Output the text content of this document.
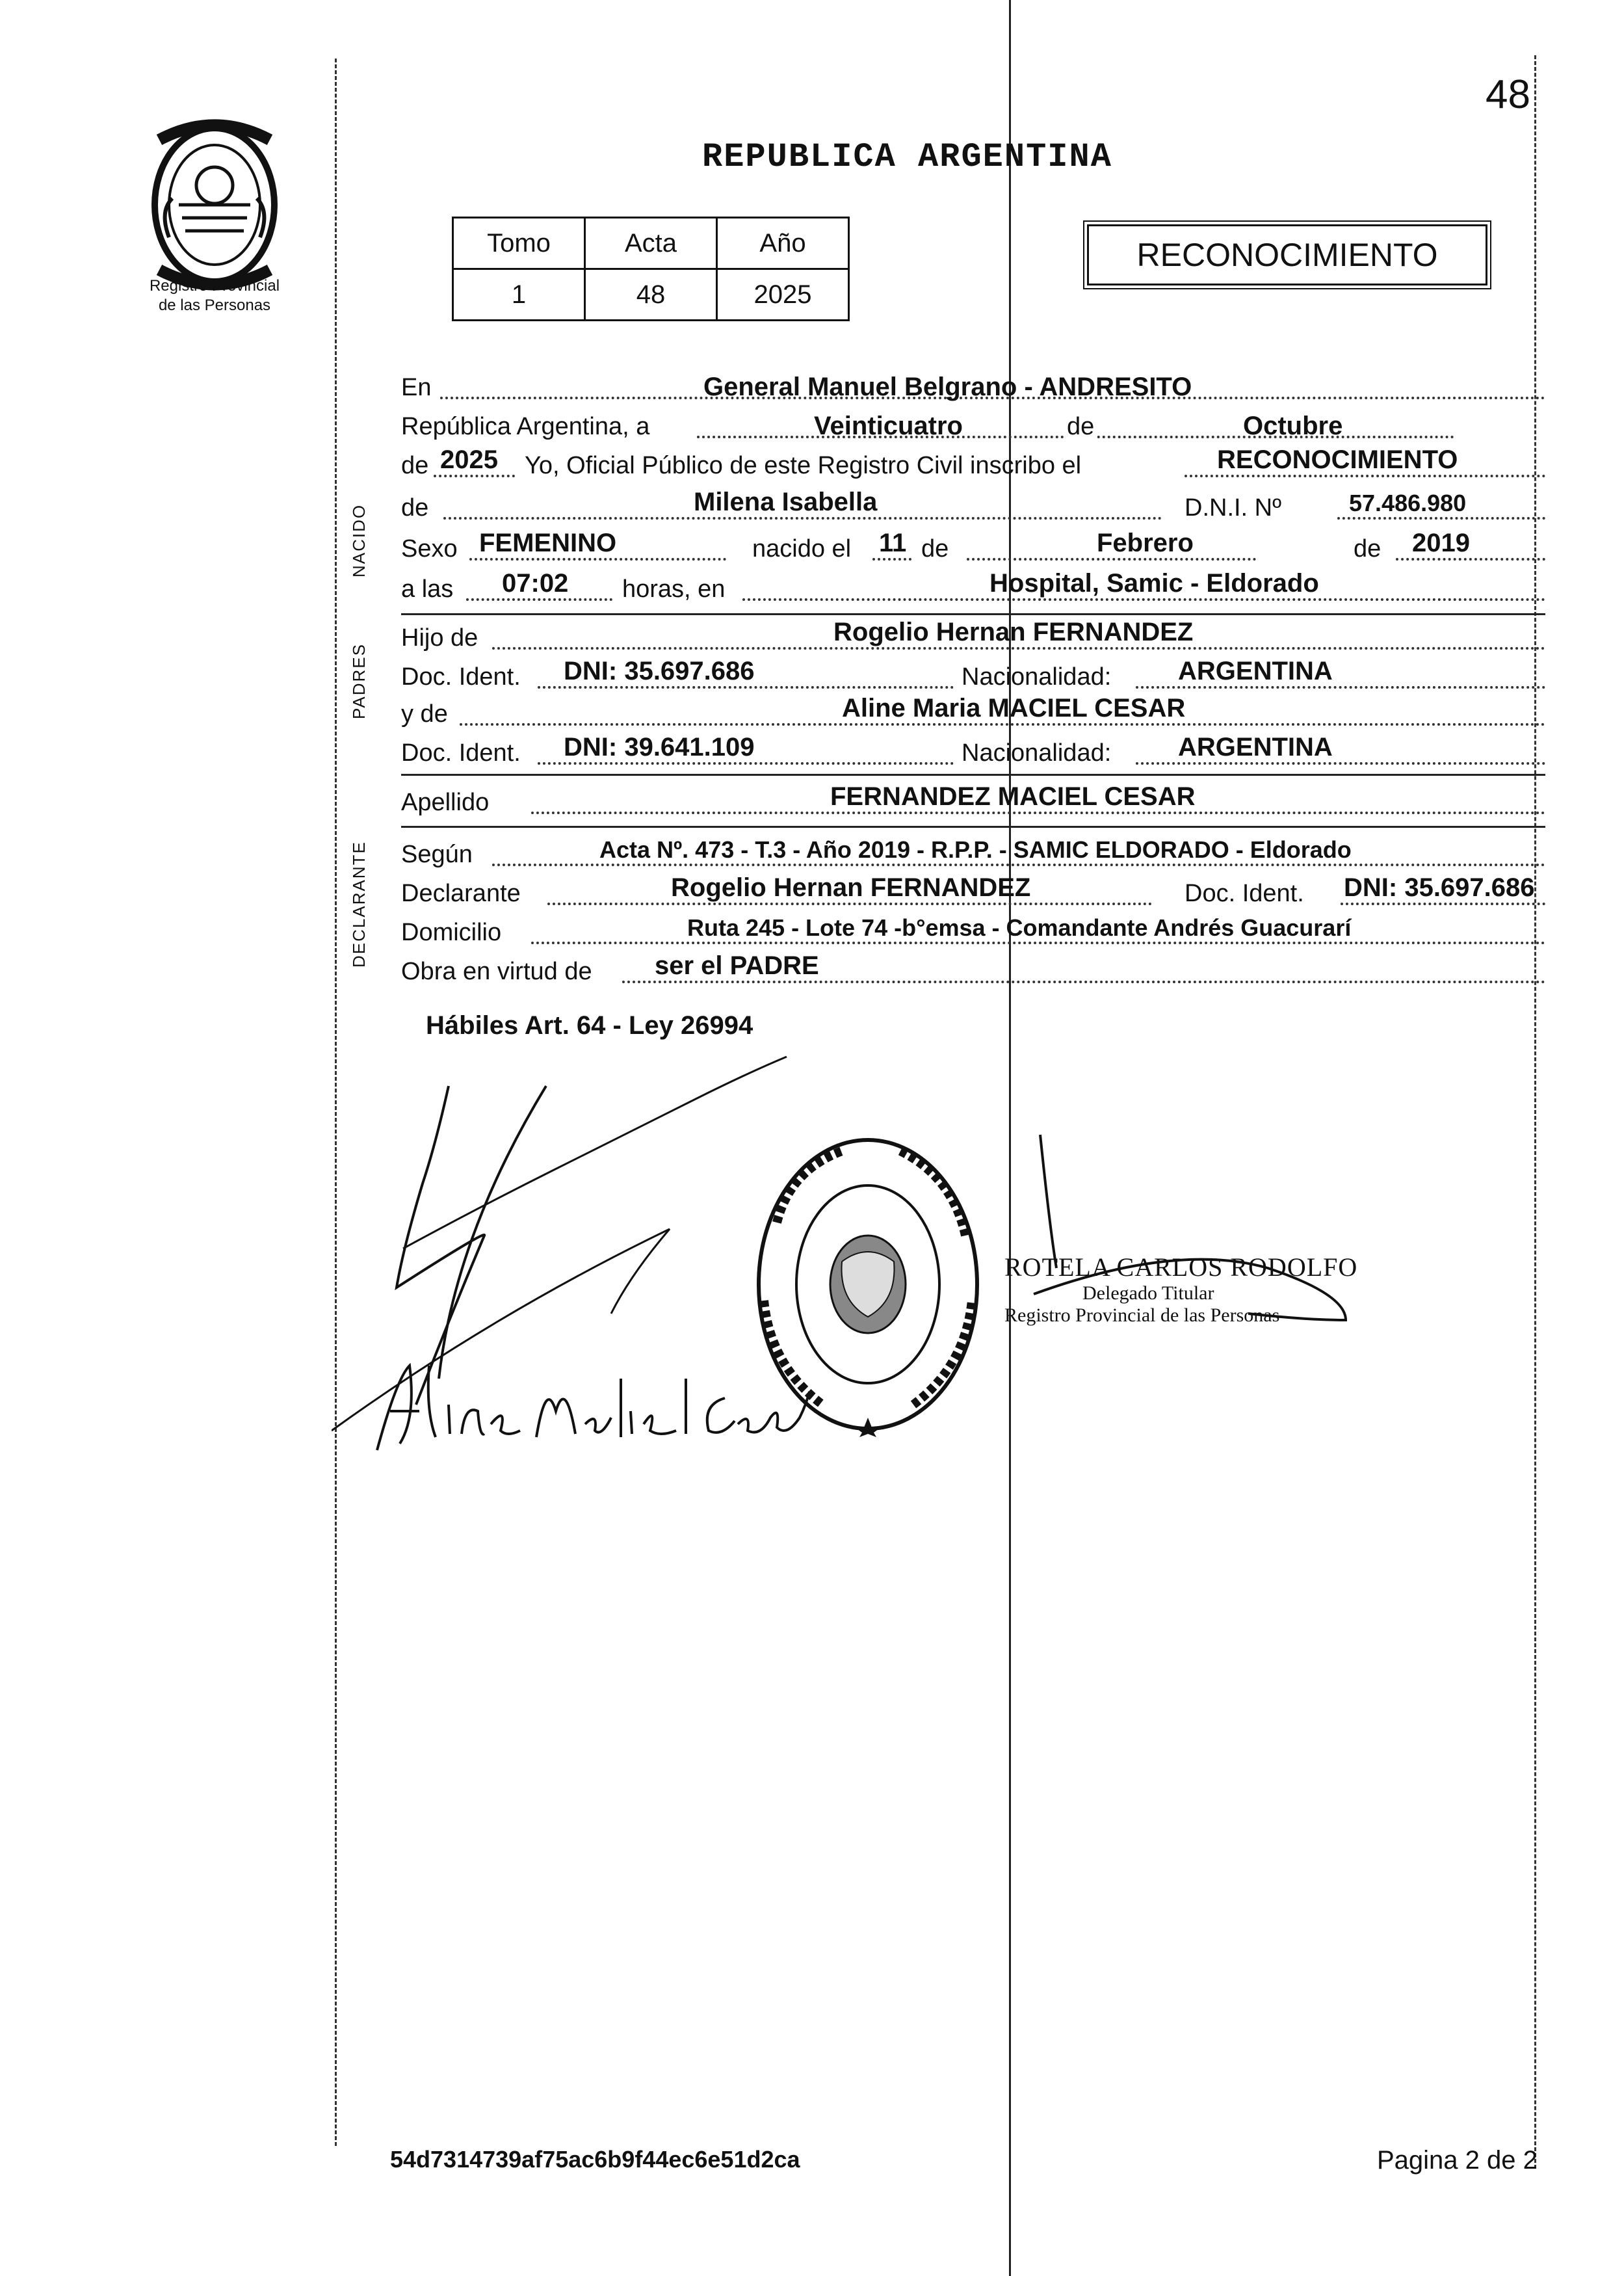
Registro Provincial
de las Personas
48
REPUBLICA ARGENTINA
Tomo	Acta	Año
1	48	2025
RECONOCIMIENTO
NACIDO
PADRES
DECLARANTE
En	General Manuel Belgrano - ANDRESITO
República Argentina, a	Veinticuatro	de	Octubre
de 2025 Yo, Oficial Público de este Registro Civil inscribo el	RECONOCIMIENTO
de	Milena Isabella	D.N.I. Nº	57.486.980
Sexo FEMENINO	nacido el 11 de	Febrero	de 2019
a las 07:02 horas, en	Hospital, Samic - Eldorado
Hijo de	Rogelio Hernan FERNANDEZ
Doc. Ident. DNI: 35.697.686	Nacionalidad:	ARGENTINA
y de	Aline Maria MACIEL CESAR
Doc. Ident. DNI: 39.641.109	Nacionalidad:	ARGENTINA
Apellido	FERNANDEZ MACIEL CESAR
Según	Acta Nº. 473 - T.3 - Año 2019 - R.P.P. - SAMIC ELDORADO - Eldorado
Declarante	Rogelio Hernan FERNANDEZ	Doc. Ident. DNI: 35.697.686
Domicilio	Ruta 245 - Lote 74 -b°emsa - Comandante Andrés Guacurarí
Obra en virtud de ser el PADRE
Hábiles Art. 64 - Ley 26994
ROTELA CARLOS RODOLFO
Delegado Titular
Registro Provincial de las Personas
54d7314739af75ac6b9f44ec6e51d2ca	Pagina 2 de 2
